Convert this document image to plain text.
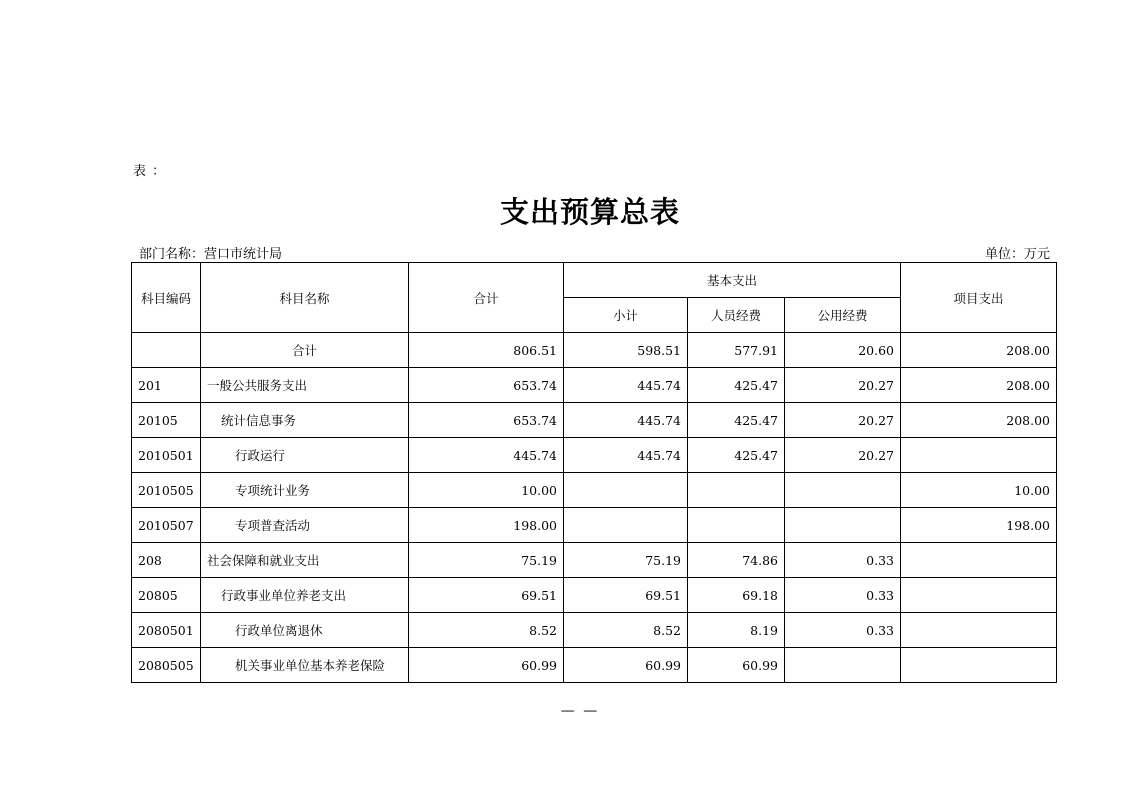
表 ：
支出预算总表
部门名称：营口市统计局	单位：万元
科目编码	科目名称	合计	基本支出			项目支出
			小计	人员经费	公用经费	
	合计	806.51	598.51	577.91	20.60	208.00
201	一般公共服务支出	653.74	445.74	425.47	20.27	208.00
20105	统计信息事务	653.74	445.74	425.47	20.27	208.00
2010501	行政运行	445.74	445.74	425.47	20.27	
2010505	专项统计业务	10.00				10.00
2010507	专项普查活动	198.00				198.00
208	社会保障和就业支出	75.19	75.19	74.86	0.33	
20805	行政事业单位养老支出	69.51	69.51	69.18	0.33	
2080501	行政单位离退休	8.52	8.52	8.19	0.33	
2080505	机关事业单位基本养老保险	60.99	60.99	60.99		
— —
